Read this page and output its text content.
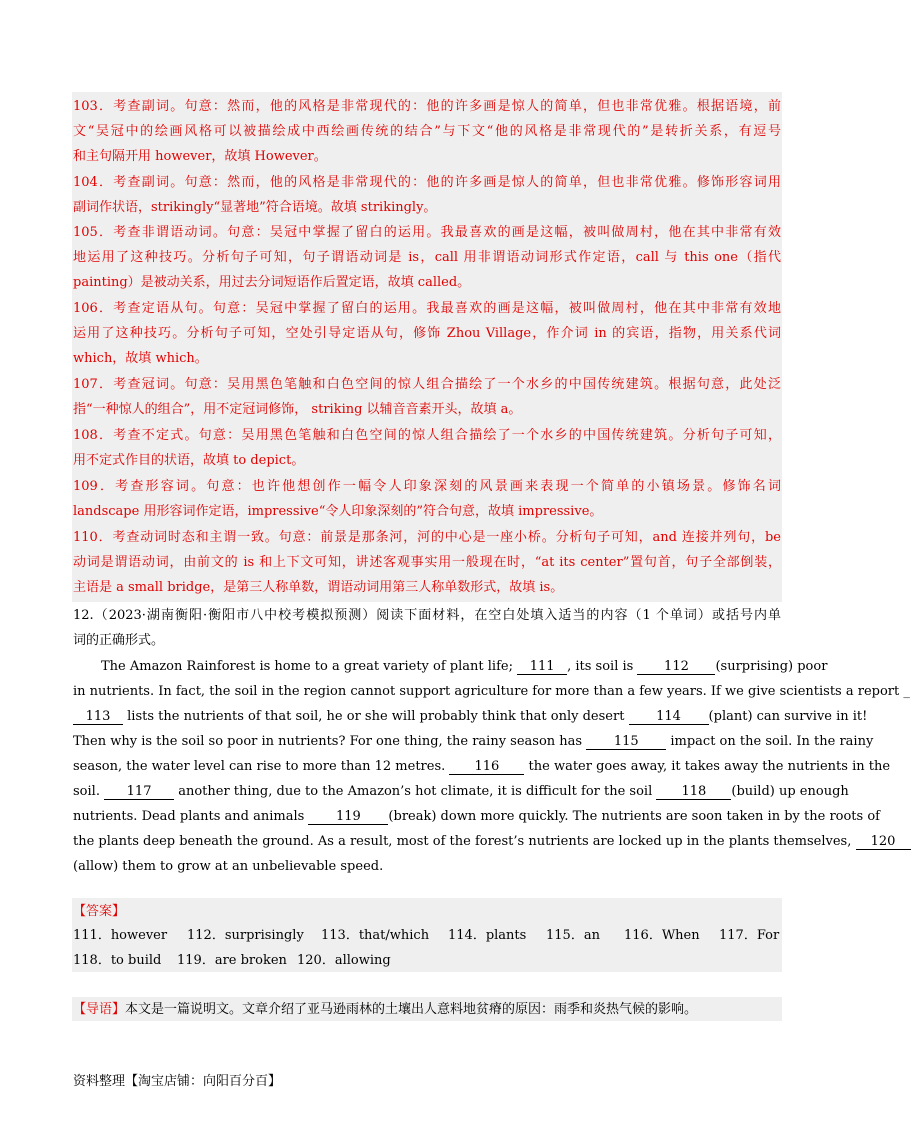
103．考查副词。句意：然而，他的风格是非常现代的：他的许多画是惊人的简单，但也非常优雅。根据语境，前
文“吴冠中的绘画风格可以被描绘成中西绘画传统的结合”与下文“他的风格是非常现代的”是转折关系，有逗号
和主句隔开用 however，故填 However。
104．考查副词。句意：然而，他的风格是非常现代的：他的许多画是惊人的简单，但也非常优雅。修饰形容词用
副词作状语，strikingly“显著地”符合语境。故填 strikingly。
105．考查非谓语动词。句意：吴冠中掌握了留白的运用。我最喜欢的画是这幅，被叫做周村，他在其中非常有效
地运用了这种技巧。分析句子可知，句子谓语动词是 is，call 用非谓语动词形式作定语，call 与 this one（指代
painting）是被动关系，用过去分词短语作后置定语，故填 called。
106．考查定语从句。句意：吴冠中掌握了留白的运用。我最喜欢的画是这幅，被叫做周村，他在其中非常有效地
运用了这种技巧。分析句子可知，空处引导定语从句，修饰 Zhou Village，作介词 in 的宾语，指物，用关系代词
which，故填 which。
107．考查冠词。句意：吴用黑色笔触和白色空间的惊人组合描绘了一个水乡的中国传统建筑。根据句意，此处泛
指“一种惊人的组合”，用不定冠词修饰， striking 以辅音音素开头，故填 a。
108．考查不定式。句意：吴用黑色笔触和白色空间的惊人组合描绘了一个水乡的中国传统建筑。分析句子可知，
用不定式作目的状语，故填 to depict。
109．考查形容词。句意：也许他想创作一幅令人印象深刻的风景画来表现一个简单的小镇场景。修饰名词
landscape 用形容词作定语，impressive“令人印象深刻的”符合句意，故填 impressive。
110．考查动词时态和主谓一致。句意：前景是那条河，河的中心是一座小桥。分析句子可知，and 连接并列句，be
动词是谓语动词，由前文的 is 和上下文可知，讲述客观事实用一般现在时，“at its center”置句首，句子全部倒装，
主语是 a small bridge，是第三人称单数，谓语动词用第三人称单数形式，故填 is。
12.（2023·湖南衡阳·衡阳市八中校考模拟预测）阅读下面材料，在空白处填入适当的内容（1 个单词）或括号内单
词的正确形式。
The Amazon Rainforest is home to a great variety of plant life; 111 , its soil is 112 (surprising) poor
in nutrients. In fact, the soil in the region cannot support agriculture for more than a few years. If we give scientists a report _
113 lists the nutrients of that soil, he or she will probably think that only desert 114 (plant) can survive in it!
Then why is the soil so poor in nutrients? For one thing, the rainy season has 115 impact on the soil. In the rainy
season, the water level can rise to more than 12 metres. 116 the water goes away, it takes away the nutrients in the
soil. 117 another thing, due to the Amazon’s hot climate, it is difficult for the soil 118 (build) up enough
nutrients. Dead plants and animals 119 (break) down more quickly. The nutrients are soon taken in by the roots of
the plants deep beneath the ground. As a result, most of the forest’s nutrients are locked up in the plants themselves, 120
(allow) them to grow at an unbelievable speed.
【答案】
111．however 112．surprisingly 113．that/which 114．plants 115．an 116．When 117．For
118．to build 119．are broken 120．allowing
【导语】本文是一篇说明文。文章介绍了亚马逊雨林的土壤出人意料地贫瘠的原因：雨季和炎热气候的影响。
资料整理【淘宝店铺：向阳百分百】
